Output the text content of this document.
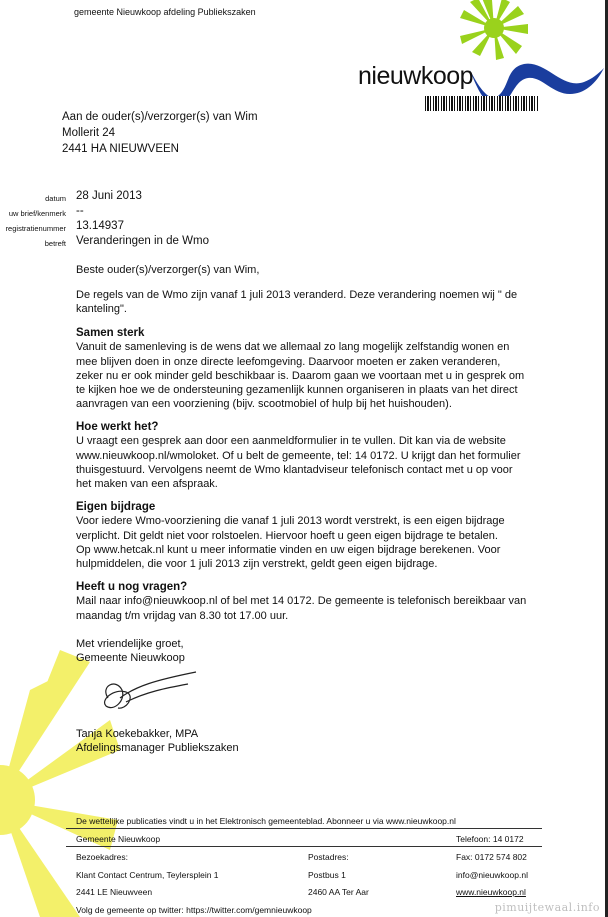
gemeente Nieuwkoop afdeling Publiekszaken
nieuwkoop
Aan de ouder(s)/verzorger(s) van Wim
Mollerit 24
2441 HA NIEUWVEEN
datum 28 Juni 2013
uw brief/kenmerk --
registratienummer 13.14937
betreft Veranderingen in de Wmo
Beste ouder(s)/verzorger(s) van Wim,
De regels van de Wmo zijn vanaf 1 juli 2013 veranderd. Deze verandering noemen wij " de
kanteling".
Samen sterk
Vanuit de samenleving is de wens dat we allemaal zo lang mogelijk zelfstandig wonen en
mee blijven doen in onze directe leefomgeving. Daarvoor moeten er zaken veranderen,
zeker nu er ook minder geld beschikbaar is. Daarom gaan we voortaan met u in gesprek om
te kijken hoe we de ondersteuning gezamenlijk kunnen organiseren in plaats van het direct
aanvragen van een voorziening (bijv. scootmobiel of hulp bij het huishouden).
Hoe werkt het?
U vraagt een gesprek aan door een aanmeldformulier in te vullen. Dit kan via de website
www.nieuwkoop.nl/wmoloket. Of u belt de gemeente, tel: 14 0172. U krijgt dan het formulier
thuisgestuurd. Vervolgens neemt de Wmo klantadviseur telefonisch contact met u op voor
het maken van een afspraak.
Eigen bijdrage
Voor iedere Wmo-voorziening die vanaf 1 juli 2013 wordt verstrekt, is een eigen bijdrage
verplicht. Dit geldt niet voor rolstoelen. Hiervoor hoeft u geen eigen bijdrage te betalen.
Op www.hetcak.nl kunt u meer informatie vinden en uw eigen bijdrage berekenen. Voor
hulpmiddelen, die voor 1 juli 2013 zijn verstrekt, geldt geen eigen bijdrage.
Heeft u nog vragen?
Mail naar info@nieuwkoop.nl of bel met 14 0172. De gemeente is telefonisch bereikbaar van
maandag t/m vrijdag van 8.30 tot 17.00 uur.
Met vriendelijke groet,
Gemeente Nieuwkoop
Tanja Koekebakker, MPA
Afdelingsmanager Publiekszaken
De wettelijke publicaties vindt u in het Elektronisch gemeenteblad. Abonneer u via www.nieuwkoop.nl
Gemeente Nieuwkoop	Telefoon: 14 0172
Bezoekadres:	Postadres:	Fax: 0172 574 802
Klant Contact Centrum, Teylersplein 1	Postbus 1	info@nieuwkoop.nl
2441 LE Nieuwveen	2460 AA Ter Aar	www.nieuwkoop.nl
Volg de gemeente op twitter: https://twitter.com/gemnieuwkoop	pimuijtewaal.info
